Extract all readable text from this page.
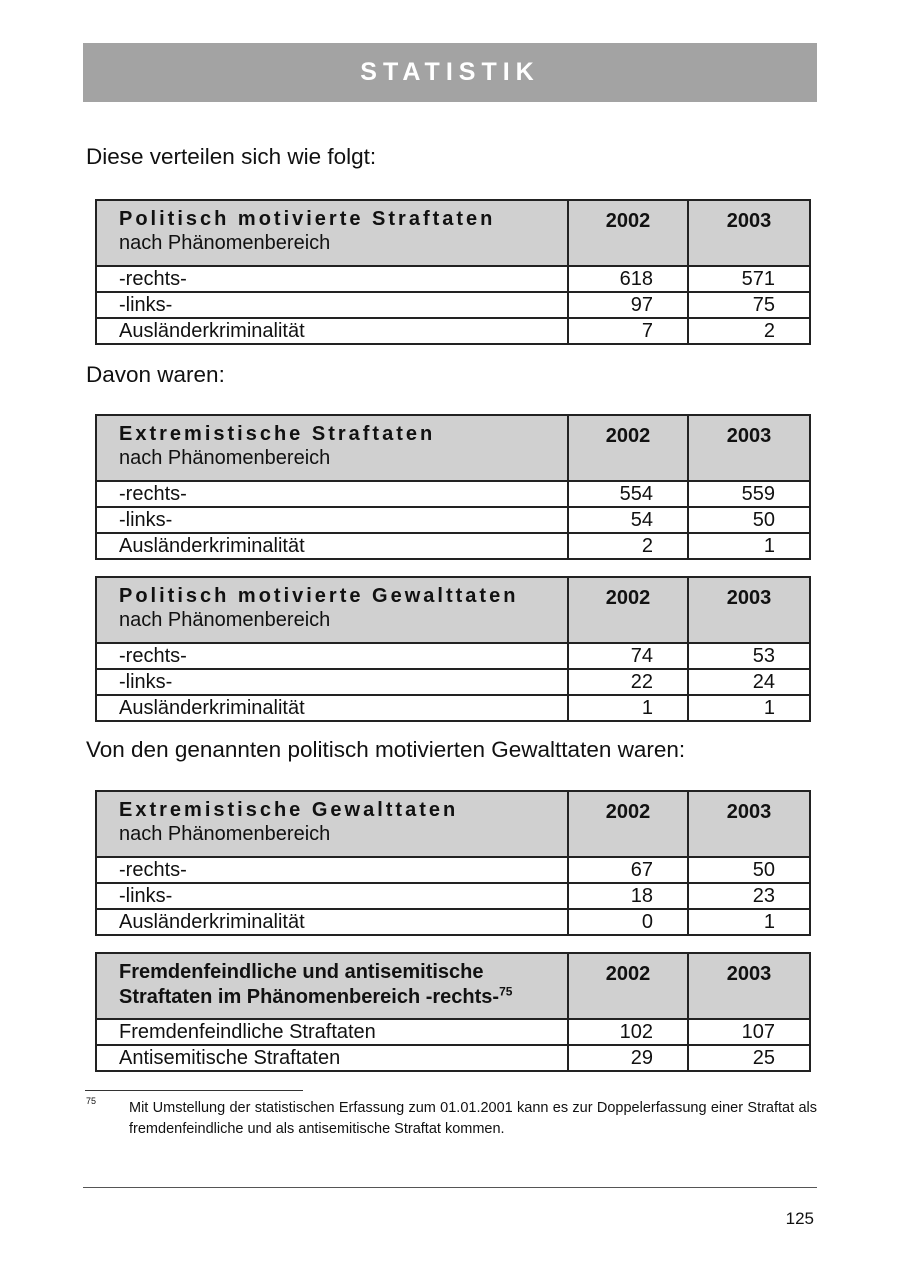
STATISTIK
Diese verteilen sich wie folgt:
Politisch motivierte Straftaten
nach Phänomenbereich	2002	2003
-rechts-	618	571
-links-	97	75
Ausländerkriminalität	7	2
Davon waren:
Extremistische Straftaten
nach Phänomenbereich	2002	2003
-rechts-	554	559
-links-	54	50
Ausländerkriminalität	2	1
Politisch motivierte Gewalttaten
nach Phänomenbereich	2002	2003
-rechts-	74	53
-links-	22	24
Ausländerkriminalität	1	1
Von den genannten politisch motivierten Gewalttaten waren:
Extremistische Gewalttaten
nach Phänomenbereich	2002	2003
-rechts-	67	50
-links-	18	23
Ausländerkriminalität	0	1
Fremdenfeindliche und antisemitische
Straftaten im Phänomenbereich -rechts-$^{75}$	2002	2003
Fremdenfeindliche Straftaten	102	107
Antisemitische Straftaten	29	25
75 Mit Umstellung der statistischen Erfassung zum 01.01.2001 kann es zur Doppelerfassung einer Straftat als fremdenfeindliche und als antisemitische Straftat kommen.
125
